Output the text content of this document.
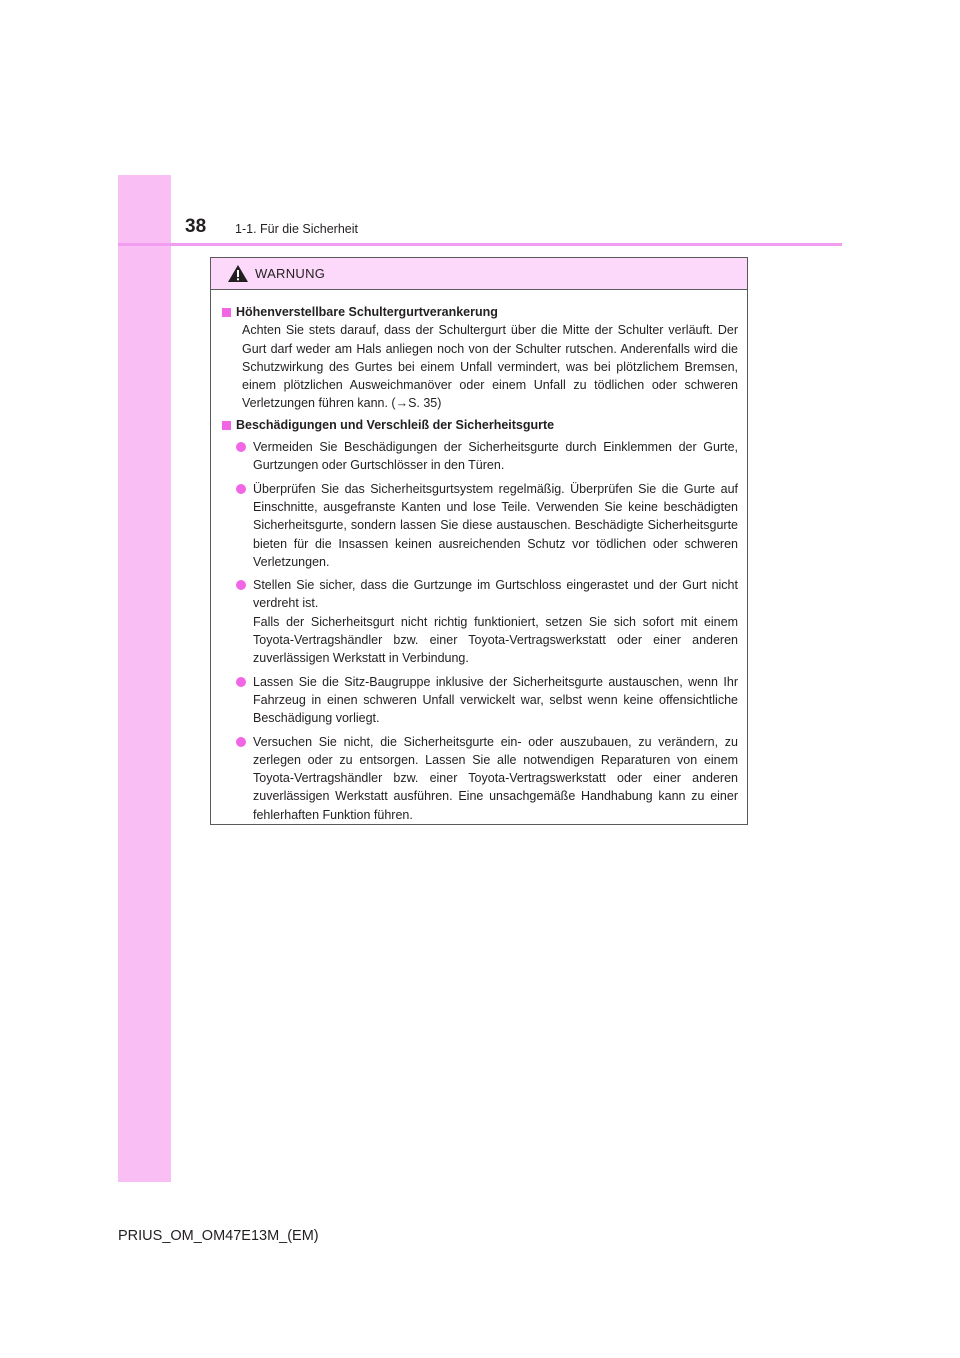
38 1-1. Für die Sicherheit
WARNUNG
Höhenverstellbare Schultergurtverankerung
Achten Sie stets darauf, dass der Schultergurt über die Mitte der Schulter verläuft. Der Gurt darf weder am Hals anliegen noch von der Schulter rutschen. Anderenfalls wird die Schutzwirkung des Gurtes bei einem Unfall vermindert, was bei plötzlichem Bremsen, einem plötzlichen Ausweichmanöver oder einem Unfall zu tödlichen oder schweren Verletzungen führen kann. (→S. 35)
Beschädigungen und Verschleiß der Sicherheitsgurte
Vermeiden Sie Beschädigungen der Sicherheitsgurte durch Einklemmen der Gurte, Gurtzungen oder Gurtschlösser in den Türen.
Überprüfen Sie das Sicherheitsgurtsystem regelmäßig. Überprüfen Sie die Gurte auf Einschnitte, ausgefranste Kanten und lose Teile. Verwenden Sie keine beschädigten Sicherheitsgurte, sondern lassen Sie diese austauschen. Beschädigte Sicherheitsgurte bieten für die Insassen keinen ausreichenden Schutz vor tödlichen oder schweren Verletzungen.
Stellen Sie sicher, dass die Gurtzunge im Gurtschloss eingerastet und der Gurt nicht verdreht ist.
Falls der Sicherheitsgurt nicht richtig funktioniert, setzen Sie sich sofort mit einem Toyota-Vertragshändler bzw. einer Toyota-Vertragswerkstatt oder einer anderen zuverlässigen Werkstatt in Verbindung.
Lassen Sie die Sitz-Baugruppe inklusive der Sicherheitsgurte austauschen, wenn Ihr Fahrzeug in einen schweren Unfall verwickelt war, selbst wenn keine offensichtliche Beschädigung vorliegt.
Versuchen Sie nicht, die Sicherheitsgurte ein- oder auszubauen, zu verändern, zu zerlegen oder zu entsorgen. Lassen Sie alle notwendigen Reparaturen von einem Toyota-Vertragshändler bzw. einer Toyota-Vertragswerkstatt oder einer anderen zuverlässigen Werkstatt ausführen. Eine unsachgemäße Handhabung kann zu einer fehlerhaften Funktion führen.
PRIUS_OM_OM47E13M_(EM)
